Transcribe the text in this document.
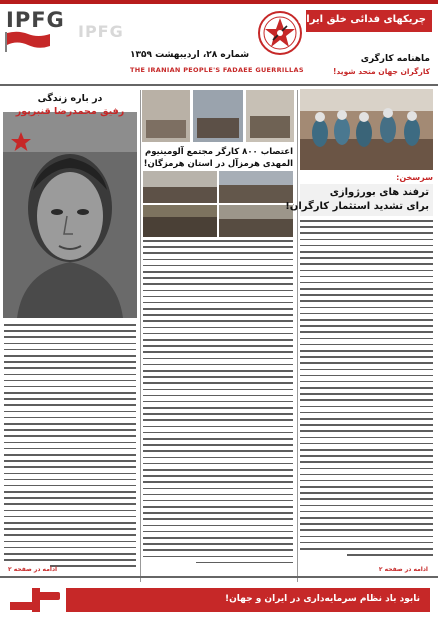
IPFG IPFG
شماره ۲۸، اردیبهشت ۱۳۵۹
THE IRANIAN PEOPLE'S FADAEE GUERRILLAS
چریکهای فدائی خلق ایران
ماهنامه کارگری
کارگران جهان متحد شوید!
در باره زندگی
رفیق محمدرضا قنبرپور
ادامه در صفحه ۲
اعتصاب ۸۰۰ کارگر مجتمع آلومینیوم
المهدی هرمزآل در استان هرمزگان!
سرسخن:
ترفند های بورژوازی
برای تشدید استثمار کارگران!
ادامه در صفحه ۲
نابود باد نظام سرمایه‌داری در ایران و جهان!
